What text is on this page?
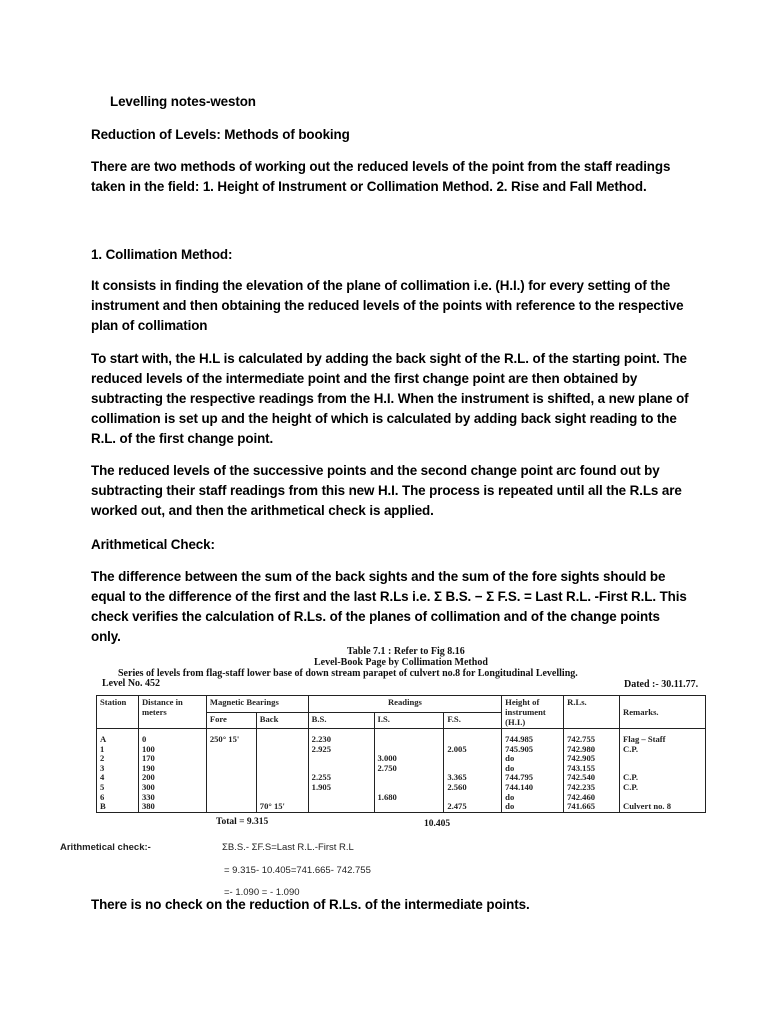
Levelling notes-weston

Reduction of Levels: Methods of booking

There are two methods of working out the reduced levels of the point from the staff readings taken in the field: 1. Height of Instrument or Collimation Method. 2. Rise and Fall Method.

1. Collimation Method:

It consists in finding the elevation of the plane of collimation i.e. (H.I.) for every setting of the instrument and then obtaining the reduced levels of the points with reference to the respective plan of collimation

To start with, the H.L is calculated by adding the back sight of the R.L. of the starting point. The reduced levels of the intermediate point and the first change point are then obtained by subtracting the respective readings from the H.I. When the instrument is shifted, a new plane of collimation is set up and the height of which is calculated by adding back sight reading to the R.L. of the first change point.

The reduced levels of the successive points and the second change point arc found out by subtracting their staff readings from this new H.I. The process is repeated until all the R.Ls are worked out, and then the arithmetical check is applied.

Arithmetical Check:

The difference between the sum of the back sights and the sum of the fore sights should be equal to the difference of the first and the last R.Ls i.e. Σ B.S. − Σ F.S. = Last R.L. -First R.L. This check verifies the calculation of R.Ls. of the planes of collimation and of the change points only.

Table 7.1 : Refer to Fig 8.16
Level-Book Page by Collimation Method
Series of levels from flag-staff lower base of down stream parapet of culvert no.8 for Longitudinal Levelling.
Level No. 452	Dated :- 30.11.77.
Station	Distance in meters	Magnetic Bearings		Readings			Height of instrument (H.I.)	R.Ls.	Remarks.
		Fore	Back	B.S.	I.S.	F.S.			
A	0	250° 15'		2.230			744.985	742.755	Flag – Staff
1	100			2.925		2.005	745.905	742.980	C.P.
2	170				3.000		do	742.905	
3	190				2.750		do	743.155	
4	200			2.255		3.365	744.795	742.540	C.P.
5	300			1.905		2.560	744.140	742.235	C.P.
6	330				1.680		do	742.460	
B	380		70° 15'			2.475	do	741.665	Culvert no. 8
Total = 9.315	10.405
Arithmetical check:-	ΣB.S.- ΣF.S=Last R.L.-First R.L
= 9.315- 10.405=741.665- 742.755
=- 1.090 = - 1.090

There is no check on the reduction of R.Ls. of the intermediate points.
